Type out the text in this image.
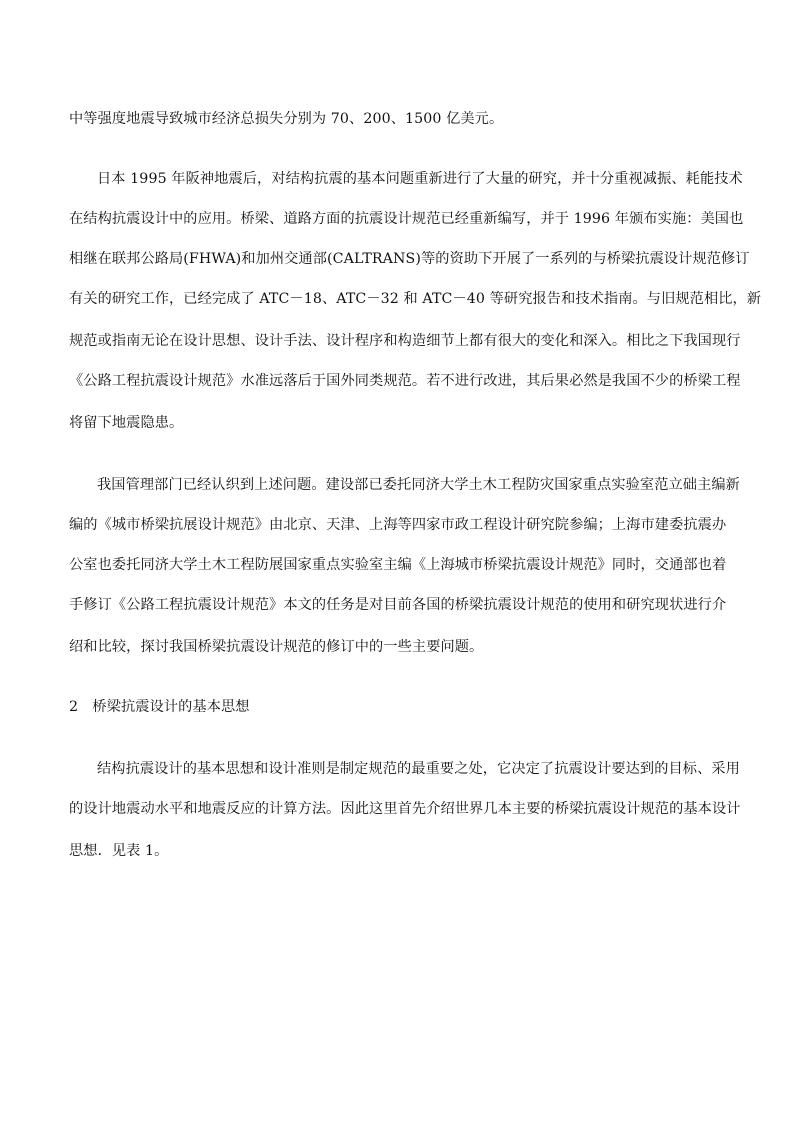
中等强度地震导致城市经济总损失分别为 70、200、1500 亿美元。
日本 1995 年阪神地震后，对结构抗震的基本问题重新进行了大量的研究，并十分重视减振、耗能技术
在结构抗震设计中的应用。桥梁、道路方面的抗震设计规范已经重新编写，并于 1996 年颁布实施：美国也
相继在联邦公路局(FHWA)和加州交通部(CALTRANS)等的资助下开展了一系列的与桥梁抗震设计规范修订
有关的研究工作，已经完成了 ATC－18、ATC－32 和 ATC－40 等研究报告和技术指南。与旧规范相比，新
规范或指南无论在设计思想、设计手法、设计程序和构造细节上都有很大的变化和深入。相比之下我国现行
《公路工程抗震设计规范》水准远落后于国外同类规范。若不进行改进，其后果必然是我国不少的桥梁工程
将留下地震隐患。
我国管理部门已经认织到上述问题。建设部已委托同济大学土木工程防灾国家重点实验室范立础主编新
编的《城市桥梁抗展设计规范》由北京、天津、上海等四家市政工程设计研究院参编；上海市建委抗震办
公室也委托同济大学土木工程防展国家重点实验室主编《上海城市桥梁抗震设计规范》同时，交通部也着
手修订《公路工程抗震设计规范》本文的任务是对目前各国的桥梁抗震设计规范的使用和研究现状进行介
绍和比较，探讨我国桥梁抗震设计规范的修订中的一些主要问题。
2　桥梁抗震设计的基本思想
结构抗震设计的基本思想和设计准则是制定规范的最重要之处，它决定了抗震设计要达到的目标、采用
的设计地震动水平和地震反应的计算方法。因此这里首先介绍世界几本主要的桥梁抗震设计规范的基本设计
思想．见表 1。
